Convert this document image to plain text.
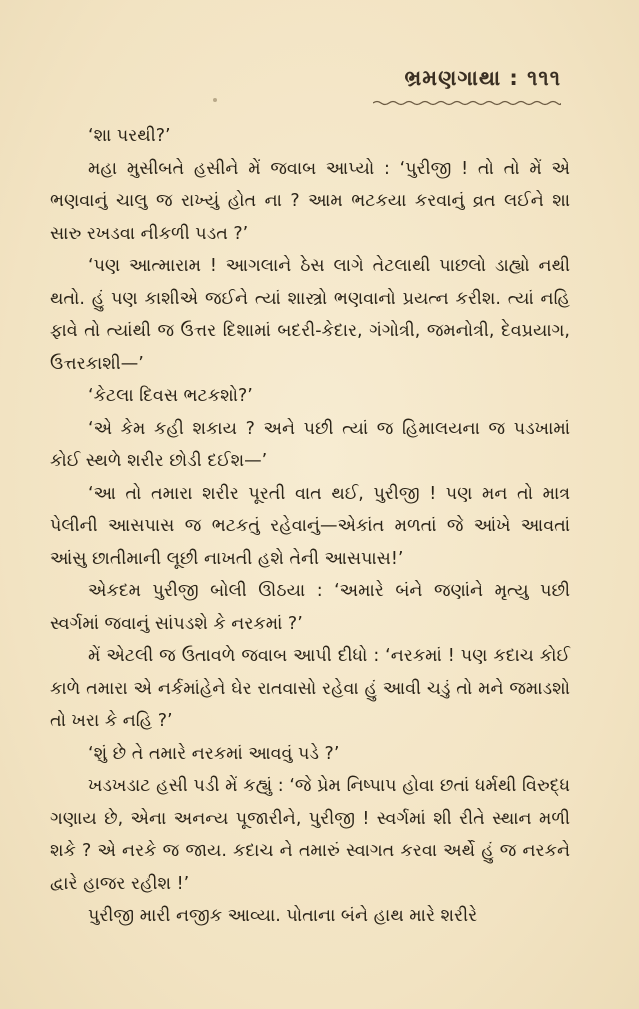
ભ્રમણગાથા : ૧૧૧

‘શા પરથી?’

મહા મુસીબતે હસીને મેં જવાબ આપ્યો : ‘પુરીજી ! તો તો મેં એ ભણવાનું ચાલુ જ રાખ્યું હોત ના ? આમ ભટકયા કરવાનું વ્રત લઈને શા સારુ રખડવા નીકળી પડત ?’

‘પણ આત્મારામ ! આગલાને ઠેસ લાગે તેટલાથી પાછલો ડાહ્યો નથી થતો. હું પણ કાશીએ જઈને ત્યાં શાસ્ત્રો ભણવાનો પ્રયત્ન કરીશ. ત્યાં નહિ ફાવે તો ત્યાંથી જ ઉત્તર દિશામાં બદરી-કેદાર, ગંગોત્રી, જમનોત્રી, દેવપ્રયાગ, ઉત્તરકાશી—’

‘કેટલા દિવસ ભટકશો?’

‘એ કેમ કહી શકાય ? અને પછી ત્યાં જ હિમાલયના જ પડખામાં કોઈ સ્થળે શરીર છોડી દઈશ—’

‘આ તો તમારા શરીર પૂરતી વાત થઈ, પુરીજી ! પણ મન તો માત્ર પેલીની આસપાસ જ ભટકતું રહેવાનું—એકાંત મળતાં જે આંખે આવતાં આંસુ છાતીમાની લૂછી નાખતી હશે તેની આસપાસ!’

એકદમ પુરીજી બોલી ઊઠયા : ‘અમારે બંને જણાંને મૃત્યુ પછી સ્વર્ગમાં જવાનું સાંપડશે કે નરકમાં ?’

મેં એટલી જ ઉતાવળે જવાબ આપી દીધો : ‘નરકમાં ! પણ કદાચ કોઈ કાળે તમારા એ નર્કમાંહેને ઘેર રાતવાસો રહેવા હું આવી ચડું તો મને જમાડશો તો ખરા કે નહિ ?’

‘શું છે તે તમારે નરકમાં આવવું પડે ?’

ખડખડાટ હસી પડી મેં કહ્યું : ‘જે પ્રેમ નિષ્પાપ હોવા છતાં ધર્મથી વિરુદ્ધ ગણાય છે, એના અનન્ય પૂજારીને, પુરીજી ! સ્વર્ગમાં શી રીતે સ્થાન મળી શકે ? એ નરકે જ જાય. કદાચ ને તમારું સ્વાગત કરવા અર્થે હું જ નરકને દ્વારે હાજર રહીશ !’

પુરીજી મારી નજીક આવ્યા. પોતાના બંને હાથ મારે શરીરે
